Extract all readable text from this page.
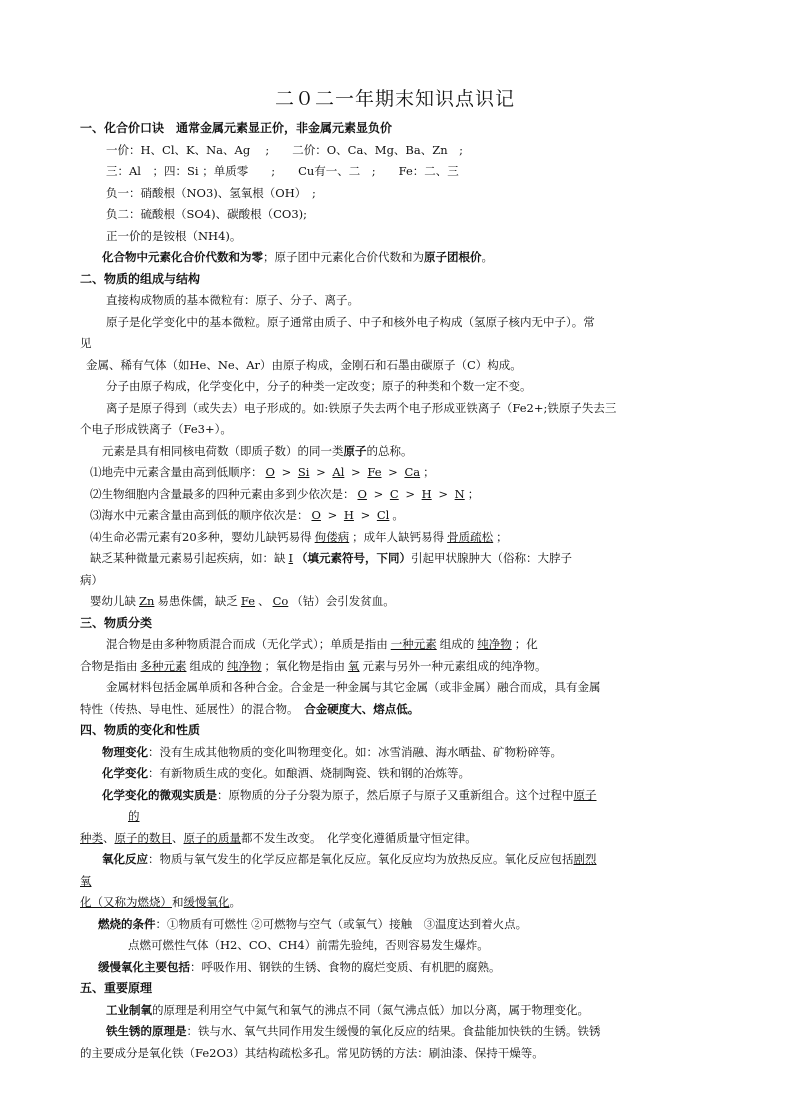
二０二一年期末知识点识记
一、化合价口诀　通常金属元素显正价，非金属元素显负价
一价：H、Cl、K、Na、Ag　 ;　　二价：O、Ca、Mg、Ba、Zn　;
三：Al　；四：Si ；单质零　　;　　Cu有一、二　;　　Fe：二、三
负一：硝酸根（NO3)、氢氧根（OH）　;
负二：硫酸根（SO4)、碳酸根（CO3);
正一价的是铵根（NH4)。
化合物中元素化合价代数和为零；原子团中元素化合价代数和为原子团根价。
二、物质的组成与结构
直接构成物质的基本微粒有：原子、分子、离子。
原子是化学变化中的基本微粒。原子通常由质子、中子和核外电子构成（氢原子核内无中子）。常
见
金属、稀有气体（如He、Ne、Ar）由原子构成，金刚石和石墨由碳原子（C）构成。
分子由原子构成，化学变化中，分子的种类一定改变；原子的种类和个数一定不变。
离子是原子得到（或失去）电子形成的。如:铁原子失去两个电子形成亚铁离子（Fe2+;铁原子失去三
个电子形成铁离子（Fe3+）。
元素是具有相同核电荷数（即质子数）的同一类原子的总称。
⑴地壳中元素含量由高到低顺序： O > Si > Al > Fe > Ca ；
⑵生物细胞内含量最多的四种元素由多到少依次是： O > C > H > N ；
⑶海水中元素含量由高到低的顺序依次是： O > H > Cl 。
⑷生命必需元素有20多种，婴幼儿缺钙易得 佝偻病 ；成年人缺钙易得 骨质疏松 ；
缺乏某种微量元素易引起疾病，如：缺 I （填元素符号，下同）引起甲状腺肿大（俗称：大脖子
病）
婴幼儿缺 Zn 易患侏儒，缺乏 Fe 、 Co （钴）会引发贫血。
三、物质分类
混合物是由多种物质混合而成（无化学式）；单质是指由 一种元素 组成的 纯净物 ；化
合物是指由 多种元素 组成的 纯净物 ；氧化物是指由 氧 元素与另外一种元素组成的纯净物。
金属材料包括金属单质和各种合金。合金是一种金属与其它金属（或非金属）融合而成，具有金属
特性（传热、导电性、延展性）的混合物。　合金硬度大、熔点低。
四、物质的变化和性质
物理变化：没有生成其他物质的变化叫物理变化。如：冰雪消融、海水晒盐、矿物粉碎等。
化学变化：有新物质生成的变化。如酿酒、烧制陶瓷、铁和钢的冶炼等。
化学变化的微观实质是：原物质的分子分裂为原子，然后原子与原子又重新组合。这个过程中原子
的
种类、原子的数目、原子的质量都不发生改变。　化学变化遵循质量守恒定律。
氧化反应：物质与氧气发生的化学反应都是氧化反应。氧化反应均为放热反应。氧化反应包括剧烈
氧
化（又称为燃烧）和缓慢氧化。
燃烧的条件：①物质有可燃性 ②可燃物与空气（或氧气）接触　③温度达到着火点。
点燃可燃性气体（H2、CO、CH4）前需先验纯，否则容易发生爆炸。
缓慢氧化主要包括：呼吸作用、钢铁的生锈、食物的腐烂变质、有机肥的腐熟。
五、重要原理
工业制氧的原理是利用空气中氮气和氧气的沸点不同（氮气沸点低）加以分离，属于物理变化。
铁生锈的原理是：铁与水、氧气共同作用发生缓慢的氧化反应的结果。食盐能加快铁的生锈。铁锈
的主要成分是氧化铁（Fe2O3）其结构疏松多孔。常见防锈的方法：刷油漆、保持干燥等。
